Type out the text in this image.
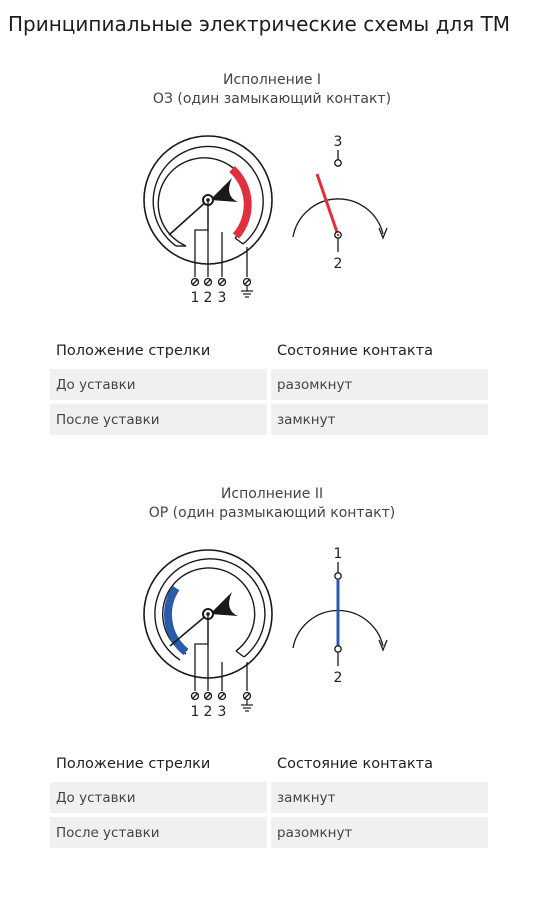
Принципиальные электрические схемы для ТМ
Исполнение I
ОЗ (один замыкающий контакт)
1 2 3
3
2
Положение стрелки	Состояние контакта
До уставки	разомкнут
После уставки	замкнут
Исполнение II
ОР (один размыкающий контакт)
1 2 3
1
2
Положение стрелки	Состояние контакта
До уставки	замкнут
После уставки	разомкнут
